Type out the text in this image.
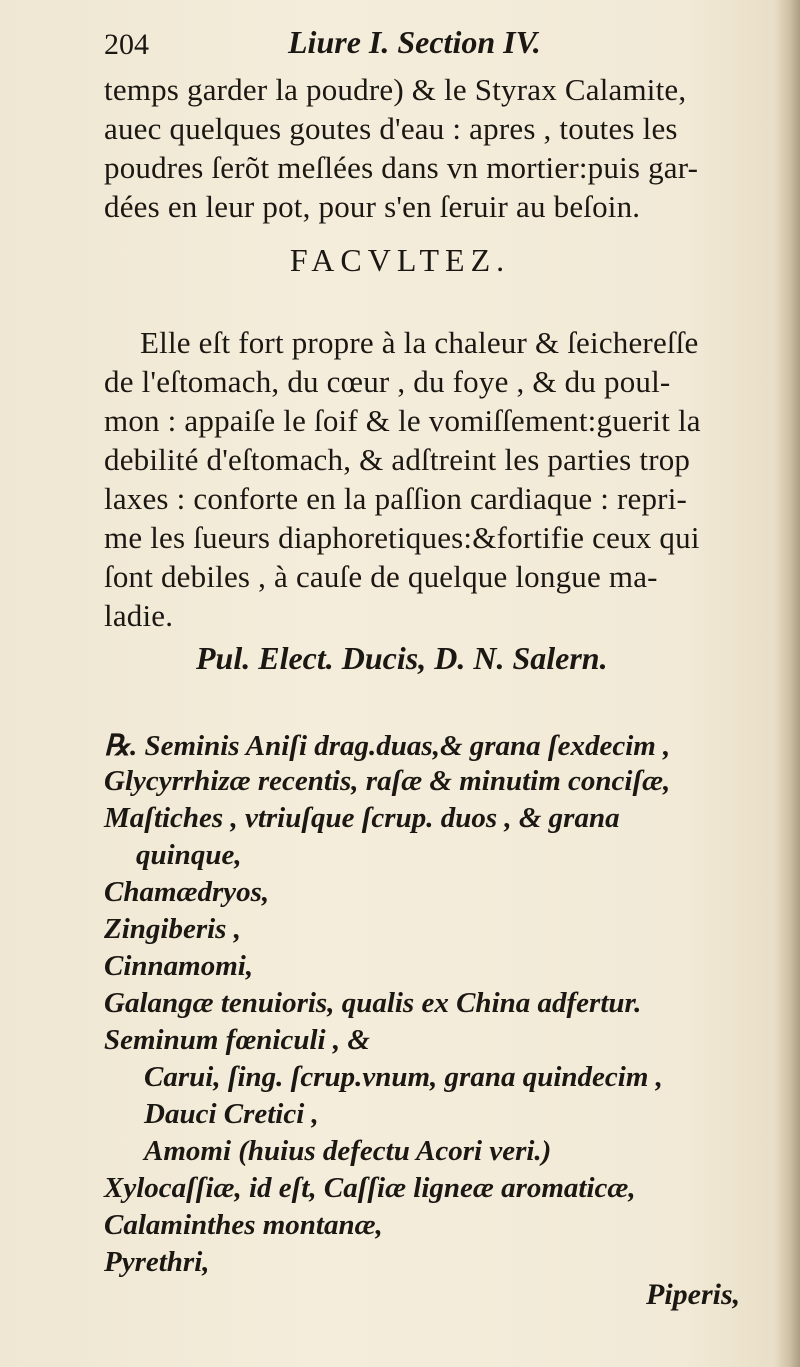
204	Liure I. Section IV.
temps garder la poudre) & le Styrax Calamite,
auec quelques goutes d'eau : apres , toutes les
poudres ſerõt meſlées dans vn mortier:puis gar-
dées en leur pot, pour s'en ſeruir au beſoin.
FACVLTEZ.
Elle eſt fort propre à la chaleur & ſeichereſſe
de l'eſtomach, du cœur , du foye , & du poul-
mon : appaiſe le ſoif & le vomiſſement:guerit la
debilité d'eſtomach, & adſtreint les parties trop
laxes : conforte en la paſſion cardiaque : repri-
me les ſueurs diaphoretiques:&fortifie ceux qui
ſont debiles , à cauſe de quelque longue ma-
ladie.
Pul. Elect. Ducis, D. N. Salern.
℞. Seminis Aniſi drag.duas,& grana ſexdecim ,
Glycyrrhizæ recentis, raſæ & minutim conciſæ,
Maſtiches , vtriuſque ſcrup. duos , & grana
quinque,
Chamædryos,
Zingiberis ,
Cinnamomi,
Galangæ tenuioris, qualis ex China adfertur.
Seminum fœniculi , &
Carui, ſing. ſcrup.vnum, grana quindecim ,
Dauci Cretici ,
Amomi (huius defectu Acori veri.)
Xylocaſſiæ, id eſt, Caſſiæ ligneæ aromaticæ,
Calaminthes montanæ,
Pyrethri,
Piperis,
